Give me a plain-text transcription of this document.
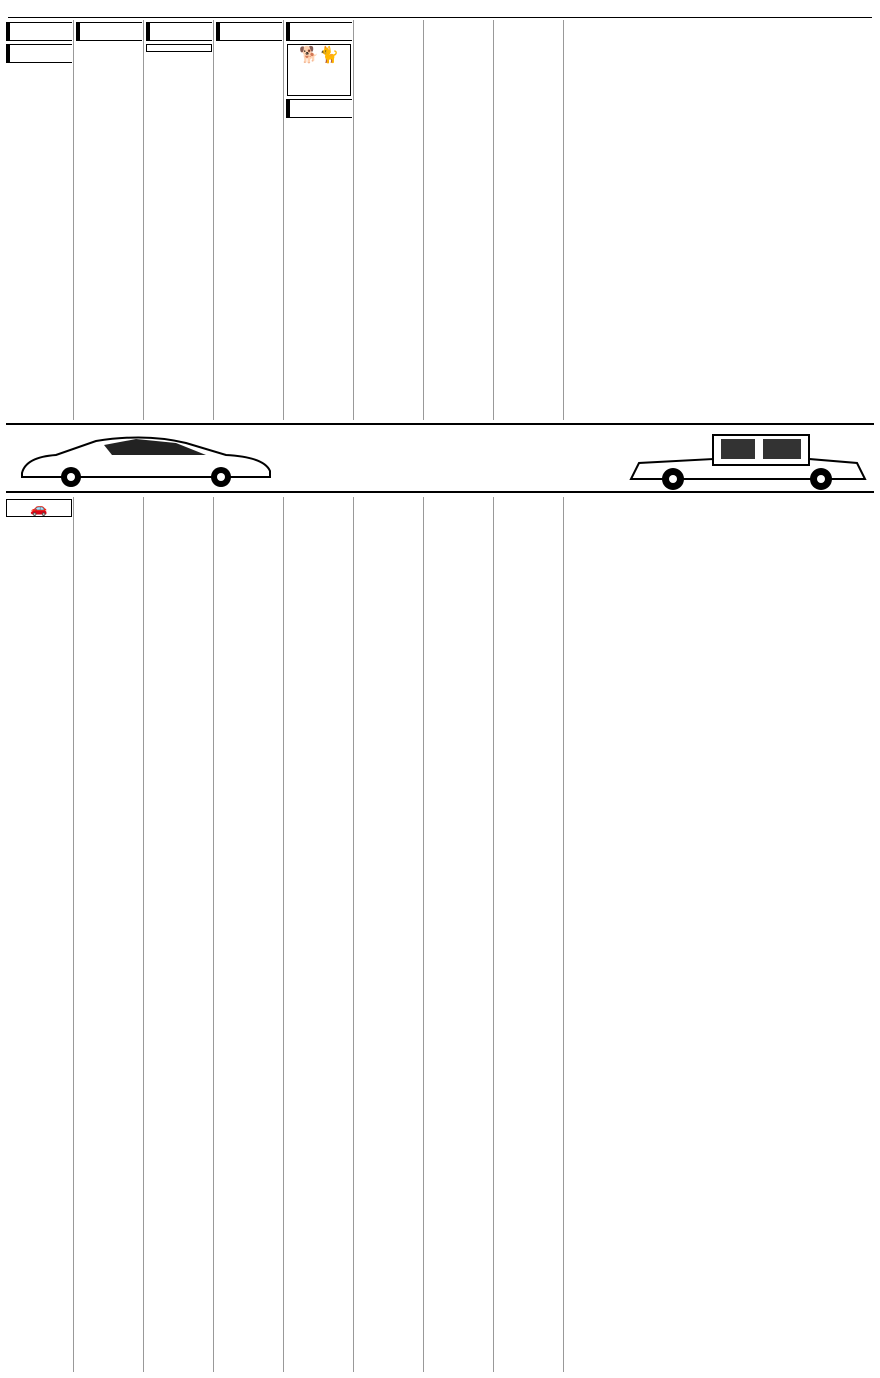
🐕🐈
🚗
